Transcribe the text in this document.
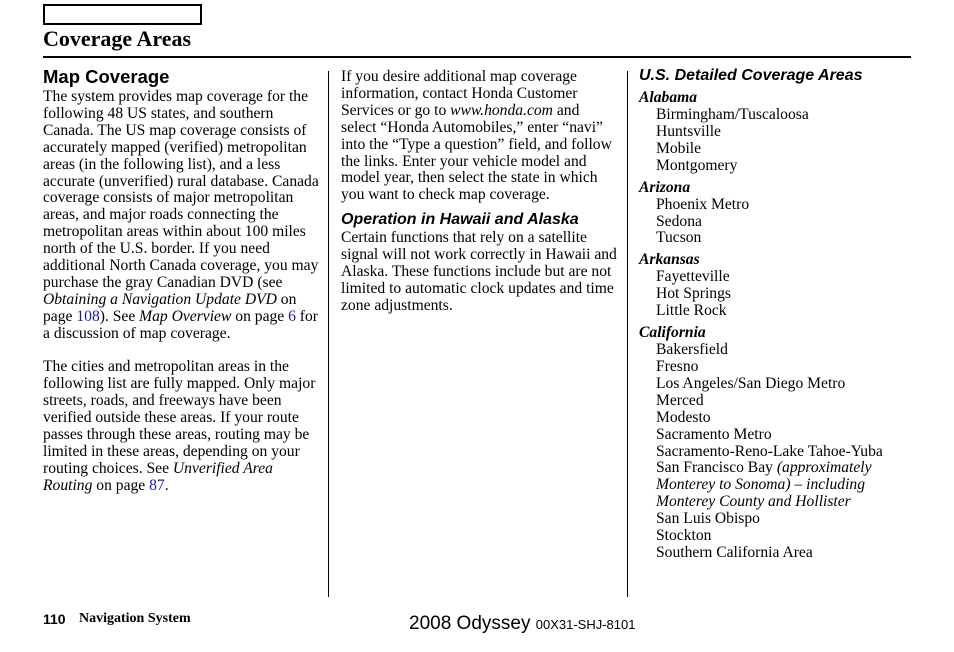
Coverage Areas
Map Coverage

The system provides map coverage for the following 48 US states, and southern Canada. The US map coverage consists of accurately mapped (verified) metropolitan areas (in the following list), and a less accurate (unverified) rural database. Canada coverage consists of major metropolitan areas, and major roads connecting the metropolitan areas within about 100 miles north of the U.S. border. If you need additional North Canada coverage, you may purchase the gray Canadian DVD (see Obtaining a Navigation Update DVD on page 108). See Map Overview on page 6 for a discussion of map coverage.

The cities and metropolitan areas in the following list are fully mapped. Only major streets, roads, and freeways have been verified outside these areas. If your route passes through these areas, routing may be limited in these areas, depending on your routing choices. See Unverified Area Routing on page 87.

If you desire additional map coverage information, contact Honda Customer Services or go to www.honda.com and select “Honda Automobiles,” enter “navi” into the “Type a question” field, and follow the links. Enter your vehicle model and model year, then select the state in which you want to check map coverage.

Operation in Hawaii and Alaska

Certain functions that rely on a satellite signal will not work correctly in Hawaii and Alaska. These functions include but are not limited to automatic clock updates and time zone adjustments.

U.S. Detailed Coverage Areas
Alabama
Birmingham/Tuscaloosa
Huntsville
Mobile
Montgomery
Arizona
Phoenix Metro
Sedona
Tucson
Arkansas
Fayetteville
Hot Springs
Little Rock
California
Bakersfield
Fresno
Los Angeles/San Diego Metro
Merced
Modesto
Sacramento Metro
Sacramento-Reno-Lake Tahoe-Yuba
San Francisco Bay (approximately Monterey to Sonoma) – including Monterey County and Hollister
San Luis Obispo
Stockton
Southern California Area
110 Navigation System	2008 Odyssey 00X31-SHJ-8101
